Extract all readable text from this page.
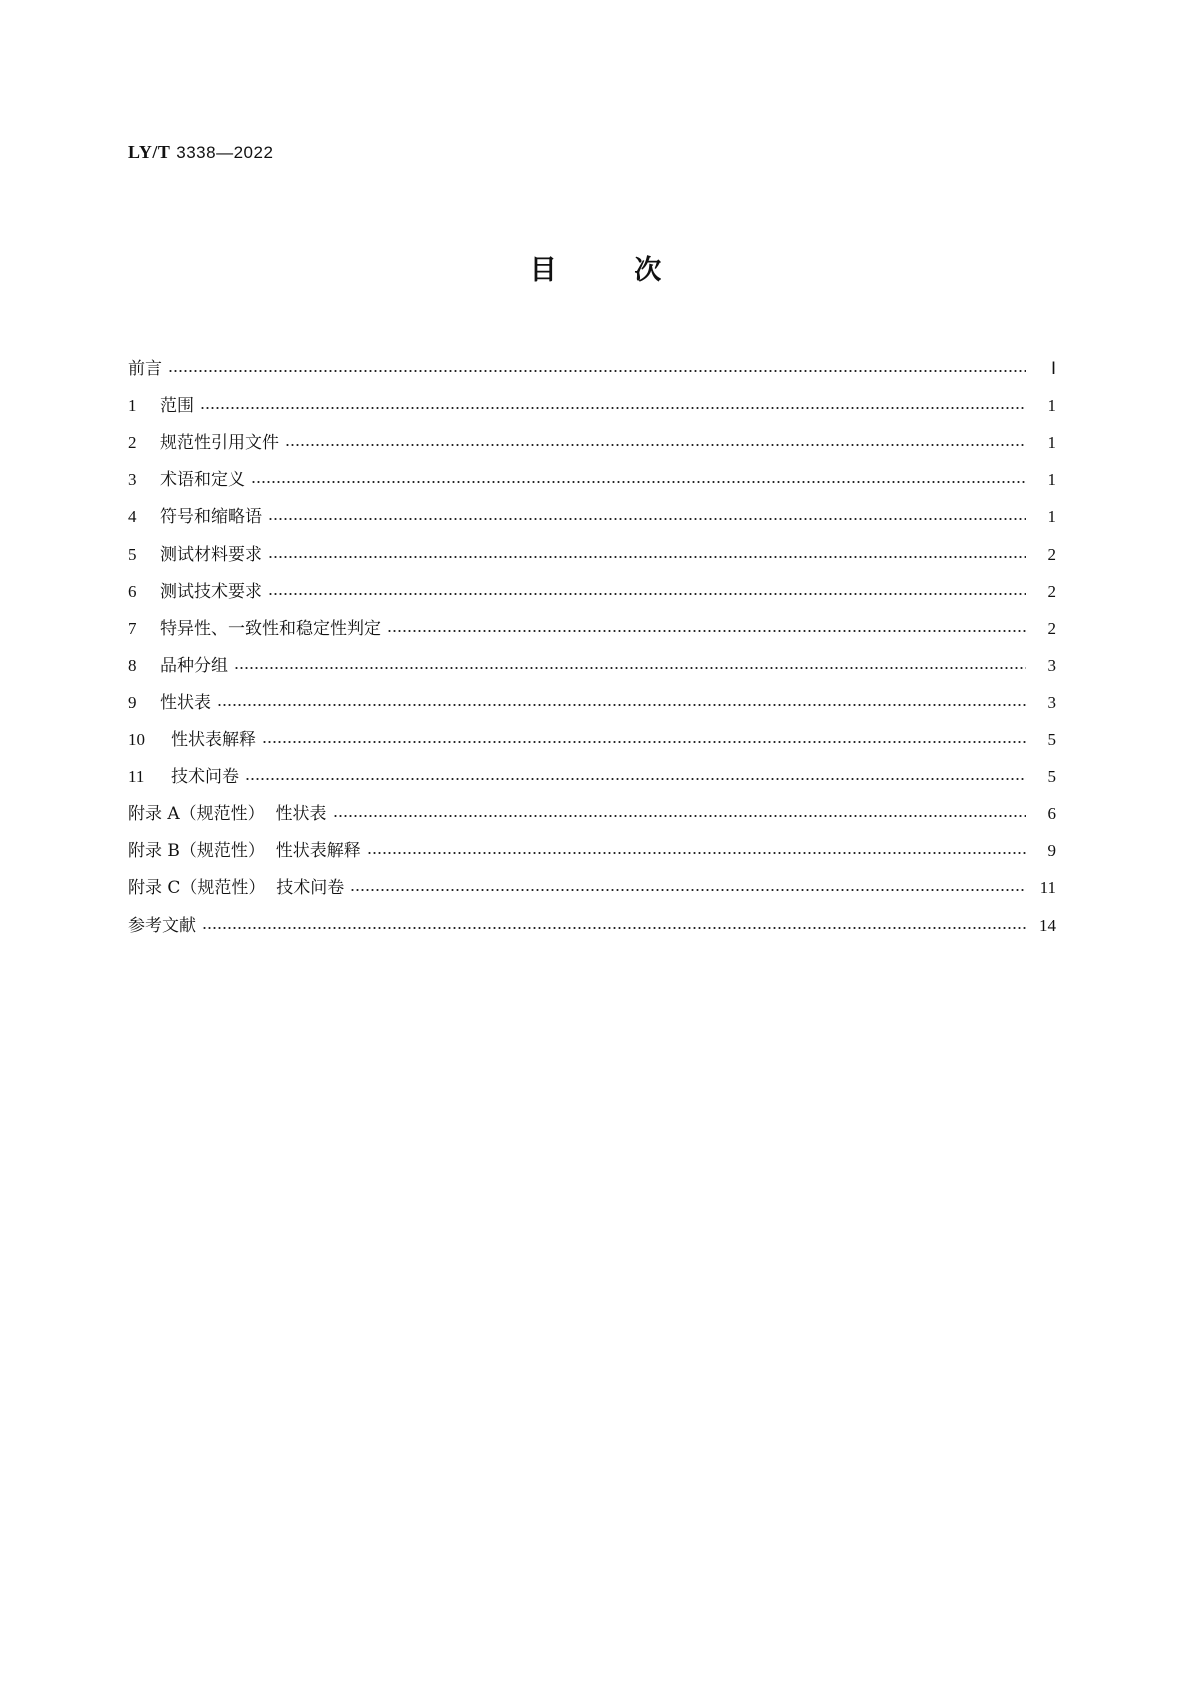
LY/T 3338—2022
目	次
前言	Ⅰ
1 范围	1
2 规范性引用文件	1
3 术语和定义	1
4 符号和缩略语	1
5 测试材料要求	2
6 测试技术要求	2
7 特异性、一致性和稳定性判定	2
8 品种分组	3
9 性状表	3
10 性状表解释	5
11 技术问卷	5
附录 A（规范性）  性状表	6
附录 B（规范性）  性状表解释	9
附录 C（规范性）  技术问卷	11
参考文献	14
